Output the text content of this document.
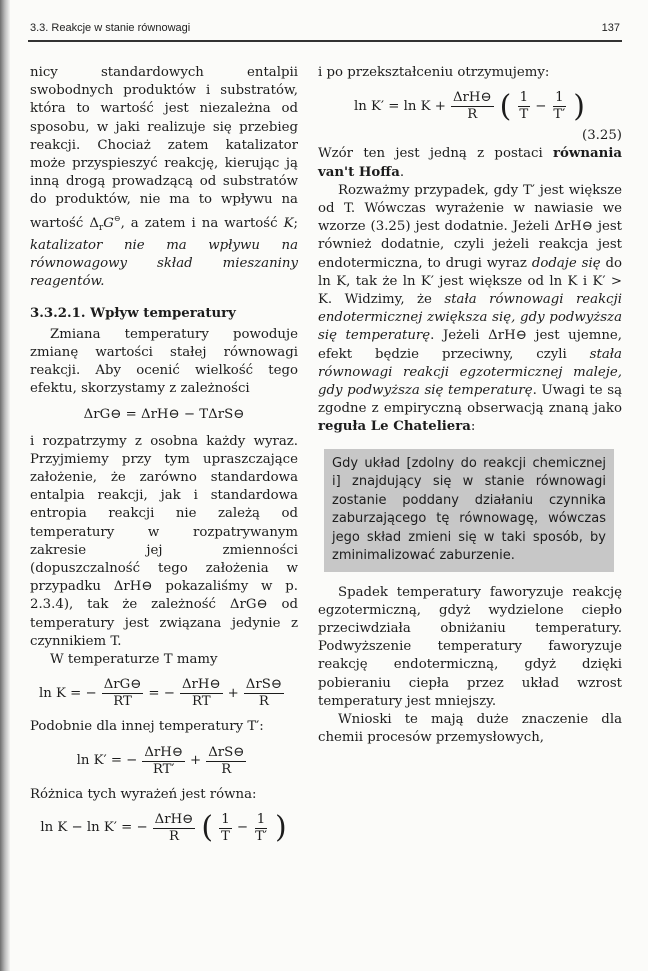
3.3. Reakcje w stanie równowagi	137

nicy standardowych entalpii swobodnych produktów i substratów, która to wartość jest niezależna od sposobu, w jaki realizuje się przebieg reakcji. Chociaż zatem katalizator może przyspieszyć reakcję, kierując ją inną drogą prowadzącą od substratów do produktów, nie ma to wpływu na wartość $\Delta_rG^⊖$, a zatem i na wartość K; katalizator nie ma wpływu na równowagowy skład mieszaniny reagentów.

3.3.2.1. Wpływ temperatury

Zmiana temperatury powoduje zmianę wartości stałej równowagi reakcji. Aby ocenić wielkość tego efektu, skorzystamy z zależności

ΔrG⊖ = ΔrH⊖ − TΔrS⊖

i rozpatrzymy z osobna każdy wyraz. Przyjmiemy przy tym upraszczające założenie, że zarówno standardowa entalpia reakcji, jak i standardowa entropia reakcji nie zależą od temperatury w rozpatrywanym zakresie jej zmienności (dopuszczalność tego założenia w przypadku ΔrH⊖ pokazaliśmy w p. 2.3.4), tak że zależność ΔrG⊖ od temperatury jest związana jedynie z czynnikiem T.

W temperaturze T mamy

ln K = − $\frac{\text{ΔrG⊖}}{RT}$ = − $\frac{\text{ΔrH⊖}}{RT} + \frac{\text{ΔrS⊖}}{R}$

Podobnie dla innej temperatury T′:

ln K′ = − $\frac{\text{ΔrH⊖}}{RT'} + \frac{\text{ΔrS⊖}}{R}$

Różnica tych wyrażeń jest równa:

ln K − ln K′ = − $\frac{\text{ΔrH⊖}}{R}$ ( $\frac{1}{T} - \frac{1}{T'}$ )

i po przekształceniu otrzymujemy:

$\ln K' = \ln K + \frac{\text{ΔrH⊖}}{R}$ ( $\frac{1}{T} - \frac{1}{T'}$ )
(3.25)

Wzór ten jest jedną z postaci równania van't Hoffa.

Rozważmy przypadek, gdy T′ jest większe od T. Wówczas wyrażenie w nawiasie we wzorze (3.25) jest dodatnie. Jeżeli ΔrH⊖ jest również dodatnie, czyli jeżeli reakcja jest endotermiczna, to drugi wyraz dodaje się do ln K, tak że ln K′ jest większe od ln K i K′ > K. Widzimy, że stała równowagi reakcji endotermicznej zwiększa się, gdy podwyższa się temperaturę. Jeżeli ΔrH⊖ jest ujemne, efekt będzie przeciwny, czyli stała równowagi reakcji egzotermicznej maleje, gdy podwyższa się temperaturę. Uwagi te są zgodne z empiryczną obserwacją znaną jako reguła Le Chateliera:

Gdy układ [zdolny do reakcji chemicznej i] znajdujący się w stanie równowagi zostanie poddany działaniu czynnika zaburzającego tę równowagę, wówczas jego skład zmieni się w taki sposób, by zminimalizować zaburzenie.

Spadek temperatury faworyzuje reakcję egzotermiczną, gdyż wydzielone ciepło przeciwdziała obniżaniu temperatury. Podwyższenie temperatury faworyzuje reakcję endotermiczną, gdyż dzięki pobieraniu ciepła przez układ wzrost temperatury jest mniejszy.

Wnioski te mają duże znaczenie dla chemii procesów przemysłowych,
